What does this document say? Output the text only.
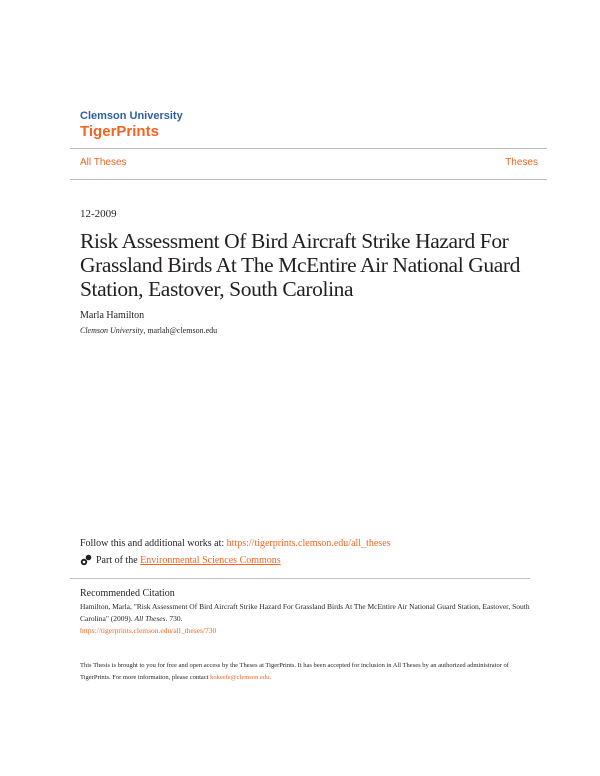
Clemson University
TigerPrints
All Theses	Theses
12-2009
Risk Assessment Of Bird Aircraft Strike Hazard For Grassland Birds At The McEntire Air National Guard Station, Eastover, South Carolina
Marla Hamilton
Clemson University, marlah@clemson.edu
Follow this and additional works at: https://tigerprints.clemson.edu/all_theses
Part of the
Environmental Sciences Commons
Recommended Citation
Hamilton, Marla, "Risk Assessment Of Bird Aircraft Strike Hazard For Grassland Birds At The McEntire Air National Guard Station, Eastover, South Carolina" (2009). All Theses. 730.
https://tigerprints.clemson.edu/all_theses/730
This Thesis is brought to you for free and open access by the Theses at TigerPrints. It has been accepted for inclusion in All Theses by an authorized administrator of TigerPrints. For more information, please contact kokeefe@clemson.edu.
